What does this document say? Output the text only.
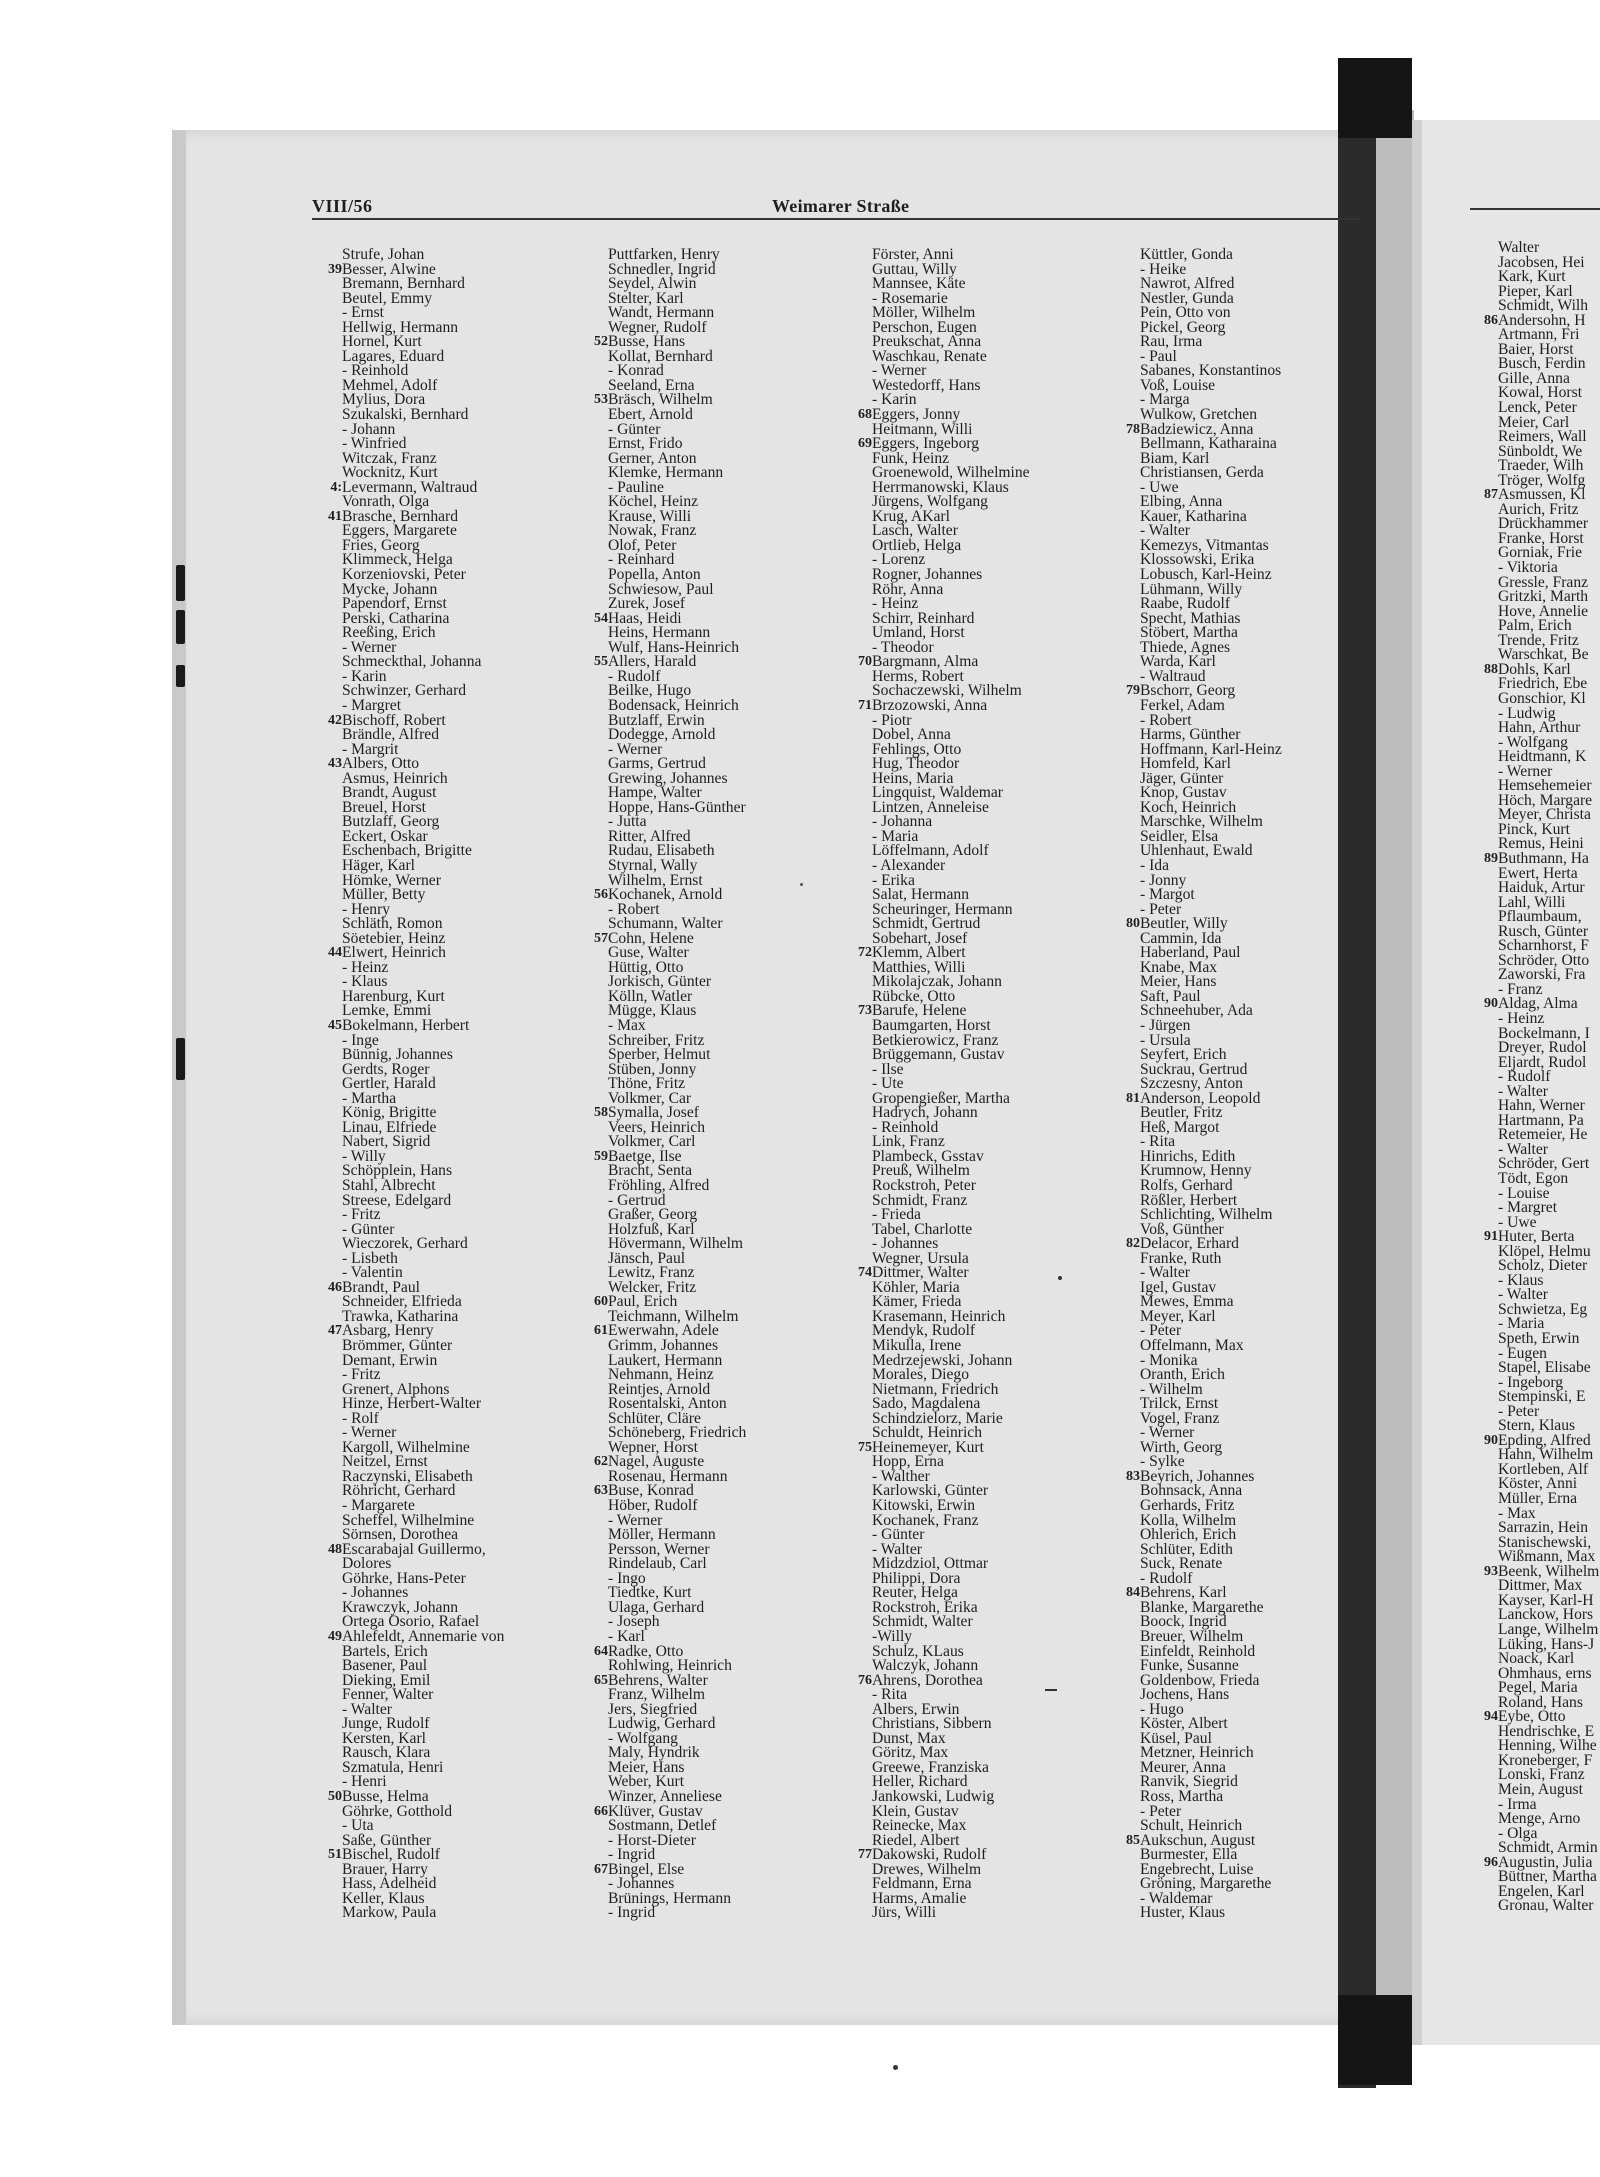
VIII/56	Weimarer Straße
Strufe, Johan
39 Besser, Alwine
Bremann, Bernhard
Beutel, Emmy
- Ernst
Hellwig, Hermann
Hornel, Kurt
Lagares, Eduard
- Reinhold
Mehmel, Adolf
Mylius, Dora
Szukalski, Bernhard
- Johann
- Winfried
Witczak, Franz
Wocknitz, Kurt
4: Levermann, Waltraud
Vonrath, Olga
41 Brasche, Bernhard
Eggers, Margarete
Fries, Georg
Klimmeck, Helga
Korzeniovski, Peter
Mycke, Johann
Papendorf, Ernst
Perski, Catharina
Reeßing, Erich
- Werner
Schmeckthal, Johanna
- Karin
Schwinzer, Gerhard
- Margret
42 Bischoff, Robert
Brändle, Alfred
- Margrit
43 Albers, Otto
Asmus, Heinrich
Brandt, August
Breuel, Horst
Butzlaff, Georg
Eckert, Oskar
Eschenbach, Brigitte
Häger, Karl
Hömke, Werner
Müller, Betty
- Henry
Schläth, Romon
Söetebier, Heinz
44 Elwert, Heinrich
- Heinz
- Klaus
Harenburg, Kurt
Lemke, Emmi
45 Bokelmann, Herbert
- Inge
Bünnig, Johannes
Gerdts, Roger
Gertler, Harald
- Martha
König, Brigitte
Linau, Elfriede
Nabert, Sigrid
- Willy
Schöpplein, Hans
Stahl, Albrecht
Streese, Edelgard
- Fritz
- Günter
Wieczorek, Gerhard
- Lisbeth
- Valentin
46 Brandt, Paul
Schneider, Elfrieda
Trawka, Katharina
47 Asbarg, Henry
Brömmer, Günter
Demant, Erwin
- Fritz
Grenert, Alphons
Hinze, Herbert-Walter
- Rolf
- Werner
Kargoll, Wilhelmine
Neitzel, Ernst
Raczynski, Elisabeth
Röhricht, Gerhard
- Margarete
Scheffel, Wilhelmine
Sörnsen, Dorothea
48 Escarabajal Guillermo,
Dolores
Göhrke, Hans-Peter
- Johannes
Krawczyk, Johann
Ortega Osorio, Rafael
49 Ahlefeldt, Annemarie von
Bartels, Erich
Basener, Paul
Dieking, Emil
Fenner, Walter
- Walter
Junge, Rudolf
Kersten, Karl
Rausch, Klara
Szmatula, Henri
- Henri
50 Busse, Helma
Göhrke, Gotthold
- Uta
Saße, Günther
51 Bischel, Rudolf
Brauer, Harry
Hass, Adelheid
Keller, Klaus
Markow, Paula
Puttfarken, Henry
Schnedler, Ingrid
Seydel, Alwin
Stelter, Karl
Wandt, Hermann
Wegner, Rudolf
52 Busse, Hans
Kollat, Bernhard
- Konrad
Seeland, Erna
53 Bräsch, Wilhelm
Ebert, Arnold
- Günter
Ernst, Frido
Gerner, Anton
Klemke, Hermann
- Pauline
Köchel, Heinz
Krause, Willi
Nowak, Franz
Olof, Peter
- Reinhard
Popella, Anton
Schwiesow, Paul
Zurek, Josef
54 Haas, Heidi
Heins, Hermann
Wulf, Hans-Heinrich
55 Allers, Harald
- Rudolf
Beilke, Hugo
Bodensack, Heinrich
Butzlaff, Erwin
Dodegge, Arnold
- Werner
Garms, Gertrud
Grewing, Johannes
Hampe, Walter
Hoppe, Hans-Günther
- Jutta
Ritter, Alfred
Rudau, Elisabeth
Styrnal, Wally
Wilhelm, Ernst
56 Kochanek, Arnold
- Robert
Schumann, Walter
57 Cohn, Helene
Guse, Walter
Hüttig, Otto
Jorkisch, Günter
Kölln, Watler
Mügge, Klaus
- Max
Schreiber, Fritz
Sperber, Helmut
Stüben, Jonny
Thöne, Fritz
Volkmer, Car
58 Symalla, Josef
Veers, Heinrich
Volkmer, Carl
59 Baetge, Ilse
Bracht, Senta
Fröhling, Alfred
- Gertrud
Graßer, Georg
Holzfuß, Karl
Hövermann, Wilhelm
Jänsch, Paul
Lewitz, Franz
Welcker, Fritz
60 Paul, Erich
Teichmann, Wilhelm
61 Ewerwahn, Adele
Grimm, Johannes
Laukert, Hermann
Nehmann, Heinz
Reintjes, Arnold
Rosentalski, Anton
Schlüter, Cläre
Schöneberg, Friedrich
Wepner, Horst
62 Nagel, Auguste
Rosenau, Hermann
63 Buse, Konrad
Höber, Rudolf
- Werner
Möller, Hermann
Persson, Werner
Rindelaub, Carl
- Ingo
Tiedtke, Kurt
Ulaga, Gerhard
- Joseph
- Karl
64 Radke, Otto
Rohlwing, Heinrich
65 Behrens, Walter
Franz, Wilhelm
Jers, Siegfried
Ludwig, Gerhard
- Wolfgang
Maly, Hyndrik
Meier, Hans
Weber, Kurt
Winzer, Anneliese
66 Klüver, Gustav
Sostmann, Detlef
- Horst-Dieter
- Ingrid
67 Bingel, Else
- Johannes
Brünings, Hermann
- Ingrid
Förster, Anni
Guttau, Willy
Mannsee, Käte
- Rosemarie
Möller, Wilhelm
Perschon, Eugen
Preukschat, Anna
Waschkau, Renate
- Werner
Westedorff, Hans
- Karin
68 Eggers, Jonny
Heitmann, Willi
69 Eggers, Ingeborg
Funk, Heinz
Groenewold, Wilhelmine
Herrmanowski, Klaus
Jürgens, Wolfgang
Krug, AKarl
Lasch, Walter
Ortlieb, Helga
- Lorenz
Rogner, Johannes
Röhr, Anna
- Heinz
Schirr, Reinhard
Umland, Horst
- Theodor
70 Bargmann, Alma
Herms, Robert
Sochaczewski, Wilhelm
71 Brzozowski, Anna
- Piotr
Dobel, Anna
Fehlings, Otto
Hug, Theodor
Heins, Maria
Lingquist, Waldemar
Lintzen, Anneleise
- Johanna
- Maria
Löffelmann, Adolf
- Alexander
- Erika
Salat, Hermann
Scheuringer, Hermann
Schmidt, Gertrud
Sobehart, Josef
72 Klemm, Albert
Matthies, Willi
Mikolajczak, Johann
Rübcke, Otto
73 Barufe, Helene
Baumgarten, Horst
Betkierowicz, Franz
Brüggemann, Gustav
- Ilse
- Ute
Gropengießer, Martha
Hadrych, Johann
- Reinhold
Link, Franz
Plambeck, Gsstav
Preuß, Wilhelm
Rockstroh, Peter
Schmidt, Franz
- Frieda
Tabel, Charlotte
- Johannes
Wegner, Ursula
74 Dittmer, Walter
Köhler, Maria
Kämer, Frieda
Krasemann, Heinrich
Mendyk, Rudolf
Mikulla, Irene
Medrzejewski, Johann
Morales, Diego
Nietmann, Friedrich
Sado, Magdalena
Schindzielorz, Marie
Schuldt, Heinrich
75 Heinemeyer, Kurt
Hopp, Erna
- Walther
Karlowski, Günter
Kitowski, Erwin
Kochanek, Franz
- Günter
- Walter
Midzdziol, Ottmar
Philippi, Dora
Reuter, Helga
Rockstroh, Erika
Schmidt, Walter
-Willy
Schulz, KLaus
Walczyk, Johann
76 Ahrens, Dorothea
- Rita
Albers, Erwin
Christians, Sibbern
Dunst, Max
Göritz, Max
Greewe, Franziska
Heller, Richard
Jankowski, Ludwig
Klein, Gustav
Reinecke, Max
Riedel, Albert
77 Dakowski, Rudolf
Drewes, Wilhelm
Feldmann, Erna
Harms, Amalie
Jürs, Willi
Küttler, Gonda
- Heike
Nawrot, Alfred
Nestler, Gunda
Pein, Otto von
Pickel, Georg
Rau, Irma
- Paul
Sabanes, Konstantinos
Voß, Louise
- Marga
Wulkow, Gretchen
78 Badziewicz, Anna
Bellmann, Katharaina
Biam, Karl
Christiansen, Gerda
- Uwe
Elbing, Anna
Kauer, Katharina
- Walter
Kemezys, Vitmantas
Klossowski, Erika
Lobusch, Karl-Heinz
Lühmann, Willy
Raabe, Rudolf
Specht, Mathias
Stöbert, Martha
Thiede, Agnes
Warda, Karl
- Waltraud
79 Bschorr, Georg
Ferkel, Adam
- Robert
Harms, Günther
Hoffmann, Karl-Heinz
Homfeld, Karl
Jäger, Günter
Knop, Gustav
Koch, Heinrich
Marschke, Wilhelm
Seidler, Elsa
Uhlenhaut, Ewald
- Ida
- Jonny
- Margot
- Peter
80 Beutler, Willy
Cammin, Ida
Haberland, Paul
Knabe, Max
Meier, Hans
Saft, Paul
Schneehuber, Ada
- Jürgen
- Ursula
Seyfert, Erich
Suckrau, Gertrud
Szczesny, Anton
81 Anderson, Leopold
Beutler, Fritz
Heß, Margot
- Rita
Hinrichs, Edith
Krumnow, Henny
Rolfs, Gerhard
Rößler, Herbert
Schlichting, Wilhelm
Voß, Günther
82 Delacor, Erhard
Franke, Ruth
- Walter
Igel, Gustav
Mewes, Emma
Meyer, Karl
- Peter
Offelmann, Max
- Monika
Oranth, Erich
- Wilhelm
Trilck, Ernst
Vogel, Franz
- Werner
Wirth, Georg
- Sylke
83 Beyrich, Johannes
Bohnsack, Anna
Gerhards, Fritz
Kolla, Wilhelm
Ohlerich, Erich
Schlüter, Edith
Suck, Renate
- Rudolf
84 Behrens, Karl
Blanke, Margarethe
Boock, Ingrid
Breuer, Wilhelm
Einfeldt, Reinhold
Funke, Susanne
Goldenbow, Frieda
Jochens, Hans
- Hugo
Köster, Albert
Küsel, Paul
Metzner, Heinrich
Meurer, Anna
Ranvik, Siegrid
Ross, Martha
- Peter
Schult, Heinrich
85 Aukschun, August
Burmester, Ella
Engebrecht, Luise
Gröning, Margarethe
- Waldemar
Huster, Klaus
Walter
Jacobsen, Hei
Kark, Kurt
Pieper, Karl
Schmidt, Wilh
86 Andersohn, H
Artmann, Fri
Baier, Horst
Busch, Ferdin
Gille, Anna
Kowal, Horst
Lenck, Peter
Meier, Carl
Reimers, Wall
Sünboldt, We
Traeder, Wilh
Tröger, Wolfg
87 Asmussen, Kl
Aurich, Fritz
Drückhammer
Franke, Horst
Gorniak, Frie
- Viktoria
Gressle, Franz
Gritzki, Marth
Hove, Annelie
Palm, Erich
Trende, Fritz
Warschkat, Be
88 Dohls, Karl
Friedrich, Ebe
Gonschior, Kl
- Ludwig
Hahn, Arthur
- Wolfgang
Heidtmann, K
- Werner
Hemsehemeier
Höch, Margare
Meyer, Christa
Pinck, Kurt
Remus, Heini
89 Buthmann, Ha
Ewert, Herta
Haiduk, Artur
Lahl, Willi
Pflaumbaum,
Rusch, Günter
Scharnhorst, F
Schröder, Otto
Zaworski, Fra
- Franz
90 Aldag, Alma
- Heinz
Bockelmann, I
Dreyer, Rudol
Eljardt, Rudol
- Rudolf
- Walter
Hahn, Werner
Hartmann, Pa
Retemeier, He
- Walter
Schröder, Gert
Tödt, Egon
- Louise
- Margret
- Uwe
91 Huter, Berta
Klöpel, Helmu
Scholz, Dieter
- Klaus
- Walter
Schwietza, Eg
- Maria
Speth, Erwin
- Eugen
Stapel, Elisabe
- Ingeborg
Stempinski, E
- Peter
Stern, Klaus
90 Epding, Alfred
Hahn, Wilhelm
Kortleben, Alf
Köster, Anni
Müller, Erna
- Max
Sarrazin, Hein
Stanischewski,
Wißmann, Max
93 Beenk, Wilhelm
Dittmer, Max
Kayser, Karl-H
Lanckow, Hors
Lange, Wilhelm
Lüking, Hans-J
Noack, Karl
Ohmhaus, erns
Pegel, Maria
Roland, Hans
94 Eybe, Otto
Hendrischke, E
Henning, Wilhe
Kroneberger, F
Lonski, Franz
Mein, August
- Irma
Menge, Arno
- Olga
Schmidt, Armin
96 Augustin, Julia
Büttner, Martha
Engelen, Karl
Gronau, Walter
